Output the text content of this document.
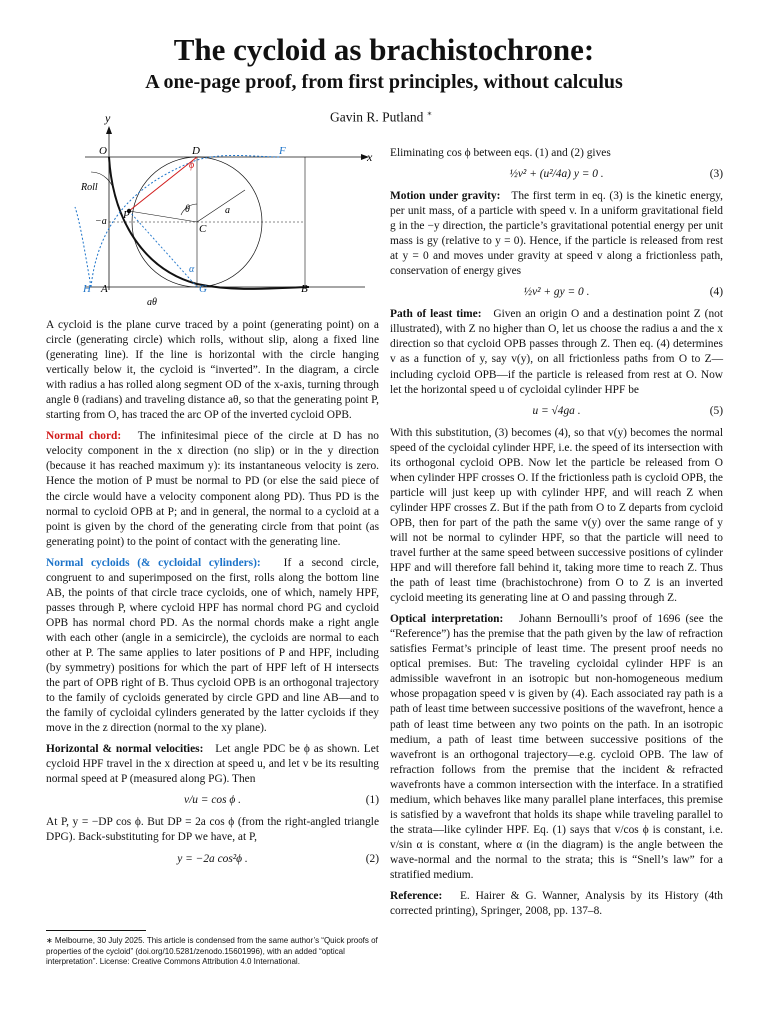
The cycloid as brachistochrone:
A one-page proof, from first principles, without calculus
Gavin R. Putland ∗
y
O	D	F	x
Roll
−a
P	θ	a
C
ϕ
α
H A	G	B
aθ

A cycloid is the plane curve traced by a point (generating point) on a circle (generating circle) which rolls, without slip, along a fixed line (generating line). If the line is horizontal with the circle hanging vertically below it, the cycloid is “inverted”. In the diagram, a circle with radius a has rolled along segment OD of the x-axis, turning through angle θ (radians) and traveling distance aθ, so that the generating point P, starting from O, has traced the arc OP of the inverted cycloid OPB.

Normal chord: The infinitesimal piece of the circle at D has no velocity component in the x direction (no slip) or in the y direction (because it has reached maximum y): its instantaneous velocity is zero. Hence the motion of P must be normal to PD (or else the said piece of the circle would have a velocity component along PD). Thus PD is the normal to cycloid OPB at P; and in general, the normal to a cycloid at a point is given by the chord of the generating circle from that point (as generating point) to the point of contact with the generating line.

Normal cycloids (& cycloidal cylinders): If a second circle, congruent to and superimposed on the first, rolls along the bottom line AB, the points of that circle trace cycloids, one of which, namely HPF, passes through P, where cycloid HPF has normal chord PG and cycloid OPB has normal chord PD. As the normal chords make a right angle with each other (angle in a semicircle), the cycloids are normal to each other at P. The same applies to later positions of P and HPF, including (by symmetry) positions for which the part of HPF left of H intersects the part of OPB right of B. Thus cycloid OPB is an orthogonal trajectory to the family of cycloids generated by circle GPD and line AB—and to the family of cycloidal cylinders generated by the latter cycloids if they move in the z direction (normal to the xy plane).

Horizontal & normal velocities: Let angle PDC be ϕ as shown. Let cycloid HPF travel in the x direction at speed u, and let v be its resulting normal speed at P (measured along PG). Then

v/u = cos ϕ .	(1)

At P, y = −DP cos ϕ. But DP = 2a cos ϕ (from the right-angled triangle DPG). Back-substituting for DP we have, at P,

y = −2a cos²ϕ .	(2)
∗ Melbourne, 30 July 2025. This article is condensed from the same author’s “Quick proofs of properties of the cycloid” (doi.org/10.5281/zenodo.15601996), with an added “optical interpretation”. License: Creative Commons Attribution 4.0 International.

Eliminating cos ϕ between eqs. (1) and (2) gives

½v² + (u²/4a) y = 0 .	(3)

Motion under gravity: The first term in eq. (3) is the kinetic energy, per unit mass, of a particle with speed v. In a uniform gravitational field g in the −y direction, the particle’s gravitational potential energy per unit mass is gy (relative to y = 0). Hence, if the particle is released from rest at y = 0 and moves under gravity at speed v along a frictionless path, conservation of energy gives

½v² + gy = 0 .	(4)

Path of least time: Given an origin O and a destination point Z (not illustrated), with Z no higher than O, let us choose the radius a and the x direction so that cycloid OPB passes through Z. Then eq. (4) determines v as a function of y, say v(y), on all frictionless paths from O to Z—including cycloid OPB—if the particle is released from rest at O. Now let the horizontal speed u of cycloidal cylinder HPF be

u = √4ga .	(5)

With this substitution, (3) becomes (4), so that v(y) becomes the normal speed of the cycloidal cylinder HPF, i.e. the speed of its intersection with its orthogonal cycloid OPB. Now let the particle be released from O when cylinder HPF crosses O. If the frictionless path is cycloid OPB, the particle will just keep up with cylinder HPF, and will reach Z when cylinder HPF crosses Z. But if the path from O to Z departs from cycloid OPB, then for part of the path the same v(y) over the same range of y will not be normal to cylinder HPF, so that the particle will need to travel further at the same speed between successive positions of cylinder HPF and will therefore fall behind it, taking more time to reach Z. Thus the path of least time (brachistochrone) from O to Z is an inverted cycloid meeting its generating line at O and passing through Z.

Optical interpretation: Johann Bernoulli’s proof of 1696 (see the “Reference”) has the premise that the path given by the law of refraction satisfies Fermat’s principle of least time. The present proof needs no optical premises. But: The traveling cycloidal cylinder HPF is an admissible wavefront in an isotropic but non-homogeneous medium whose propagation speed v is given by (4). Each associated ray path is a path of least time between successive positions of the wavefront, hence a path of least time between any two points on the path. In an isotropic medium, a path of least time between successive positions of the wavefront is an orthogonal trajectory—e.g. cycloid OPB. The law of refraction follows from the premise that the incident & refracted wavefronts have a common intersection with the interface. In a stratified medium, which behaves like many parallel plane interfaces, this premise is satisfied by a wavefront that holds its shape while traveling parallel to the strata—like cylinder HPF. Eq. (1) says that v/cos ϕ is constant, i.e. v/sin α is constant, where α (in the diagram) is the angle between the wave-normal and the normal to the strata; this is “Snell’s law” for a stratified medium.

Reference: E. Hairer & G. Wanner, Analysis by its History (4th corrected printing), Springer, 2008, pp. 137–8.
